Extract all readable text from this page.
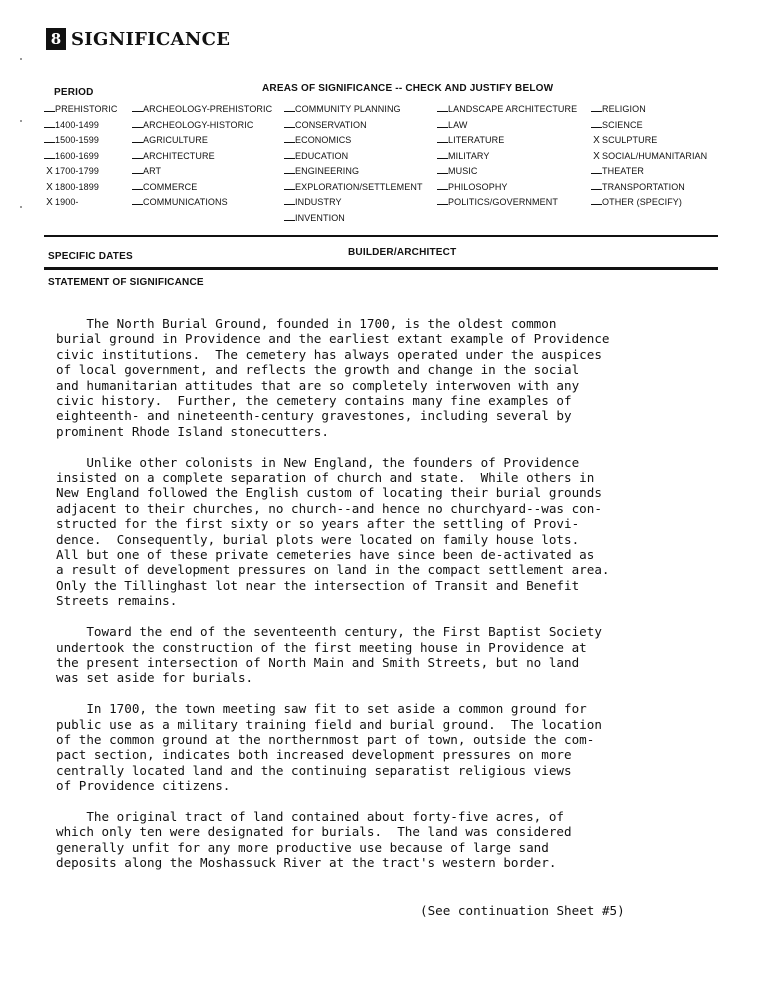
8 SIGNIFICANCE
PERIOD	AREAS OF SIGNIFICANCE -- CHECK AND JUSTIFY BELOW
PREHISTORIC
1400-1499
1500-1599
1600-1699
X 1700-1799
X 1800-1899
X 1900-
ARCHEOLOGY-PREHISTORIC
ARCHEOLOGY-HISTORIC
AGRICULTURE
ARCHITECTURE
ART
COMMERCE
COMMUNICATIONS
COMMUNITY PLANNING
CONSERVATION
ECONOMICS
EDUCATION
ENGINEERING
EXPLORATION/SETTLEMENT
INDUSTRY
INVENTION
LANDSCAPE ARCHITECTURE
LAW
LITERATURE
MILITARY
MUSIC
PHILOSOPHY
POLITICS/GOVERNMENT
RELIGION
SCIENCE
X SCULPTURE
X SOCIAL/HUMANITARIAN
THEATER
TRANSPORTATION
OTHER (SPECIFY)
SPECIFIC DATES	BUILDER/ARCHITECT
STATEMENT OF SIGNIFICANCE

The North Burial Ground, founded in 1700, is the oldest common
burial ground in Providence and the earliest extant example of Providence
civic institutions.  The cemetery has always operated under the auspices
of local government, and reflects the growth and change in the social
and humanitarian attitudes that are so completely interwoven with any
civic history.  Further, the cemetery contains many fine examples of
eighteenth- and nineteenth-century gravestones, including several by
prominent Rhode Island stonecutters.

Unlike other colonists in New England, the founders of Providence
insisted on a complete separation of church and state.  While others in
New England followed the English custom of locating their burial grounds
adjacent to their churches, no church--and hence no churchyard--was con-
structed for the first sixty or so years after the settling of Provi-
dence.  Consequently, burial plots were located on family house lots.
All but one of these private cemeteries have since been de-activated as
a result of development pressures on land in the compact settlement area.
Only the Tillinghast lot near the intersection of Transit and Benefit
Streets remains.

Toward the end of the seventeenth century, the First Baptist Society
undertook the construction of the first meeting house in Providence at
the present intersection of North Main and Smith Streets, but no land
was set aside for burials.

In 1700, the town meeting saw fit to set aside a common ground for
public use as a military training field and burial ground.  The location
of the common ground at the northernmost part of town, outside the com-
pact section, indicates both increased development pressures on more
centrally located land and the continuing separatist religious views
of Providence citizens.

The original tract of land contained about forty-five acres, of
which only ten were designated for burials.  The land was considered
generally unfit for any more productive use because of large sand
deposits along the Moshassuck River at the tract's western border.

(See continuation Sheet #5)
